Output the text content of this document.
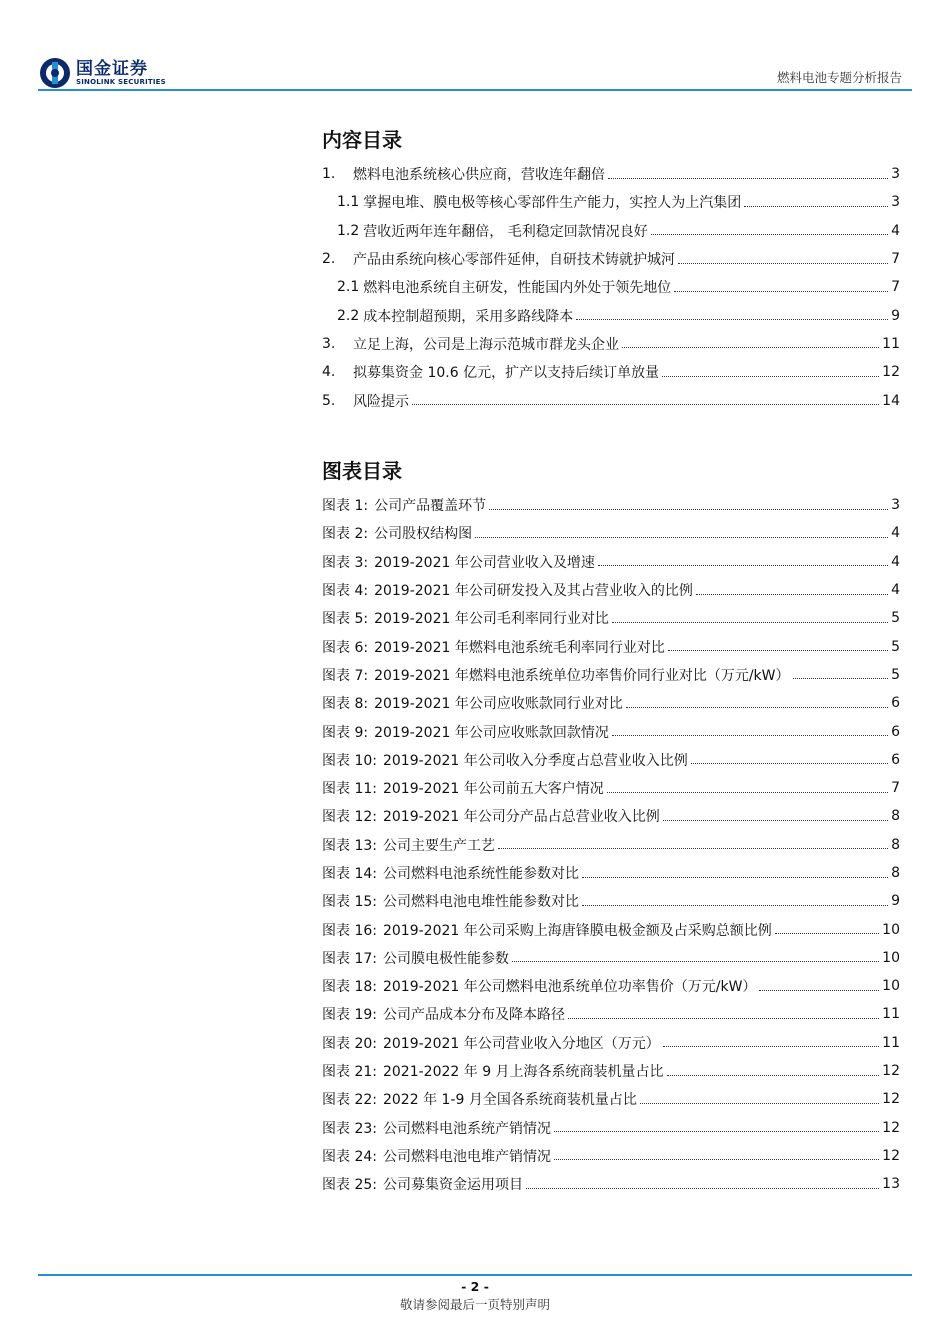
国金证券
SINOLINK SECURITIES	燃料电池专题分析报告
内容目录
1.	燃料电池系统核心供应商，营收连年翻倍	3
1.1 掌握电堆、膜电极等核心零部件生产能力，实控人为上汽集团	3
1.2 营收近两年连年翻倍， 毛利稳定回款情况良好	4
2.	产品由系统向核心零部件延伸，自研技术铸就护城河	7
2.1 燃料电池系统自主研发，性能国内外处于领先地位	7
2.2 成本控制超预期，采用多路线降本	9
3.	立足上海，公司是上海示范城市群龙头企业	11
4.	拟募集资金 10.6 亿元，扩产以支持后续订单放量	12
5.	风险提示	14
图表目录
图表 1: 公司产品覆盖环节	3
图表 2: 公司股权结构图	4
图表 3: 2019-2021 年公司营业收入及增速	4
图表 4: 2019-2021 年公司研发投入及其占营业收入的比例	4
图表 5: 2019-2021 年公司毛利率同行业对比	5
图表 6: 2019-2021 年燃料电池系统毛利率同行业对比	5
图表 7: 2019-2021 年燃料电池系统单位功率售价同行业对比（万元/kW）	5
图表 8: 2019-2021 年公司应收账款同行业对比	6
图表 9: 2019-2021 年公司应收账款回款情况	6
图表 10: 2019-2021 年公司收入分季度占总营业收入比例	6
图表 11: 2019-2021 年公司前五大客户情况	7
图表 12: 2019-2021 年公司分产品占总营业收入比例	8
图表 13: 公司主要生产工艺	8
图表 14: 公司燃料电池系统性能参数对比	8
图表 15: 公司燃料电池电堆性能参数对比	9
图表 16: 2019-2021 年公司采购上海唐锋膜电极金额及占采购总额比例	10
图表 17: 公司膜电极性能参数	10
图表 18: 2019-2021 年公司燃料电池系统单位功率售价（万元/kW）	10
图表 19: 公司产品成本分布及降本路径	11
图表 20: 2019-2021 年公司营业收入分地区（万元）	11
图表 21: 2021-2022 年 9 月上海各系统商装机量占比	12
图表 22: 2022 年 1-9 月全国各系统商装机量占比	12
图表 23: 公司燃料电池系统产销情况	12
图表 24: 公司燃料电池电堆产销情况	12
图表 25: 公司募集资金运用项目	13
- 2 -
敬请参阅最后一页特别声明
